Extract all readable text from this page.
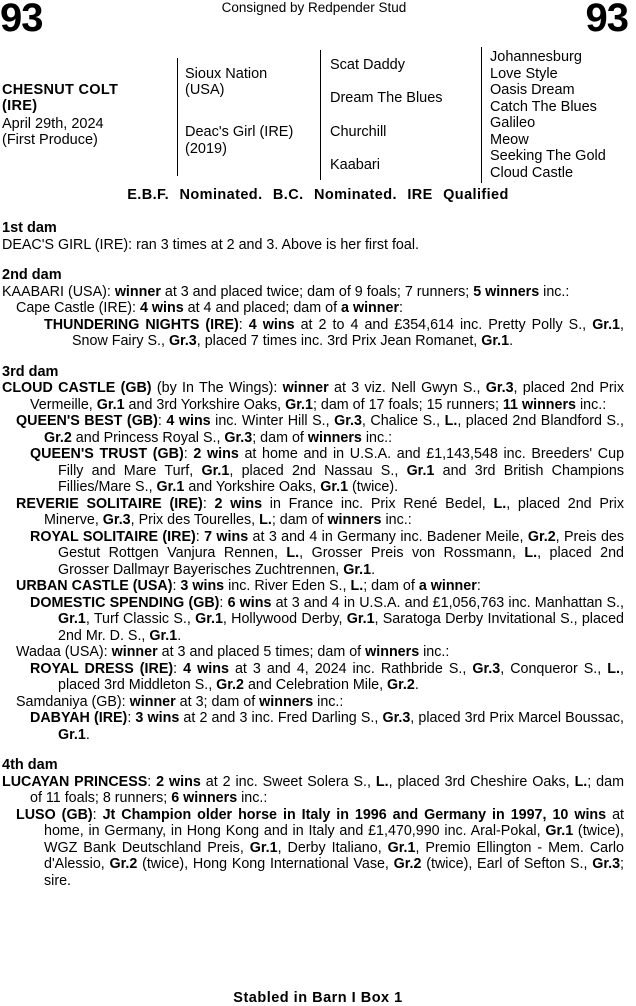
93	Consigned by Redpender Stud	93
CHESNUT COLT
(IRE)
April 29th, 2024
(First Produce)
Sioux Nation
(USA)
Deac's Girl (IRE)
(2019)
Scat Daddy
Dream The Blues
Churchill
Kaabari
Johannesburg
Love Style
Oasis Dream
Catch The Blues
Galileo
Meow
Seeking The Gold
Cloud Castle
E.B.F. Nominated. B.C. Nominated. IRE Qualified
1st dam
DEAC'S GIRL (IRE): ran 3 times at 2 and 3. Above is her first foal.
2nd dam
KAABARI (USA): winner at 3 and placed twice; dam of 9 foals; 7 runners; 5 winners inc.:
Cape Castle (IRE): 4 wins at 4 and placed; dam of a winner:
THUNDERING NIGHTS (IRE): 4 wins at 2 to 4 and £354,614 inc. Pretty Polly S., Gr.1, Snow Fairy S., Gr.3, placed 7 times inc. 3rd Prix Jean Romanet, Gr.1.
3rd dam
CLOUD CASTLE (GB) (by In The Wings): winner at 3 viz. Nell Gwyn S., Gr.3, placed 2nd Prix Vermeille, Gr.1 and 3rd Yorkshire Oaks, Gr.1; dam of 17 foals; 15 runners; 11 winners inc.:
QUEEN'S BEST (GB): 4 wins inc. Winter Hill S., Gr.3, Chalice S., L., placed 2nd Blandford S., Gr.2 and Princess Royal S., Gr.3; dam of winners inc.:
QUEEN'S TRUST (GB): 2 wins at home and in U.S.A. and £1,143,548 inc. Breeders' Cup Filly and Mare Turf, Gr.1, placed 2nd Nassau S., Gr.1 and 3rd British Champions Fillies/Mare S., Gr.1 and Yorkshire Oaks, Gr.1 (twice).
REVERIE SOLITAIRE (IRE): 2 wins in France inc. Prix René Bedel, L., placed 2nd Prix Minerve, Gr.3, Prix des Tourelles, L.; dam of winners inc.:
ROYAL SOLITAIRE (IRE): 7 wins at 3 and 4 in Germany inc. Badener Meile, Gr.2, Preis des Gestut Rottgen Vanjura Rennen, L., Grosser Preis von Rossmann, L., placed 2nd Grosser Dallmayr Bayerisches Zuchtrennen, Gr.1.
URBAN CASTLE (USA): 3 wins inc. River Eden S., L.; dam of a winner:
DOMESTIC SPENDING (GB): 6 wins at 3 and 4 in U.S.A. and £1,056,763 inc. Manhattan S., Gr.1, Turf Classic S., Gr.1, Hollywood Derby, Gr.1, Saratoga Derby Invitational S., placed 2nd Mr. D. S., Gr.1.
Wadaa (USA): winner at 3 and placed 5 times; dam of winners inc.:
ROYAL DRESS (IRE): 4 wins at 3 and 4, 2024 inc. Rathbride S., Gr.3, Conqueror S., L., placed 3rd Middleton S., Gr.2 and Celebration Mile, Gr.2.
Samdaniya (GB): winner at 3; dam of winners inc.:
DABYAH (IRE): 3 wins at 2 and 3 inc. Fred Darling S., Gr.3, placed 3rd Prix Marcel Boussac, Gr.1.
4th dam
LUCAYAN PRINCESS: 2 wins at 2 inc. Sweet Solera S., L., placed 3rd Cheshire Oaks, L.; dam of 11 foals; 8 runners; 6 winners inc.:
LUSO (GB): Jt Champion older horse in Italy in 1996 and Germany in 1997, 10 wins at home, in Germany, in Hong Kong and in Italy and £1,470,990 inc. Aral-Pokal, Gr.1 (twice), WGZ Bank Deutschland Preis, Gr.1, Derby Italiano, Gr.1, Premio Ellington - Mem. Carlo d'Alessio, Gr.2 (twice), Hong Kong International Vase, Gr.2 (twice), Earl of Sefton S., Gr.3; sire.
Stabled in Barn I Box 1
